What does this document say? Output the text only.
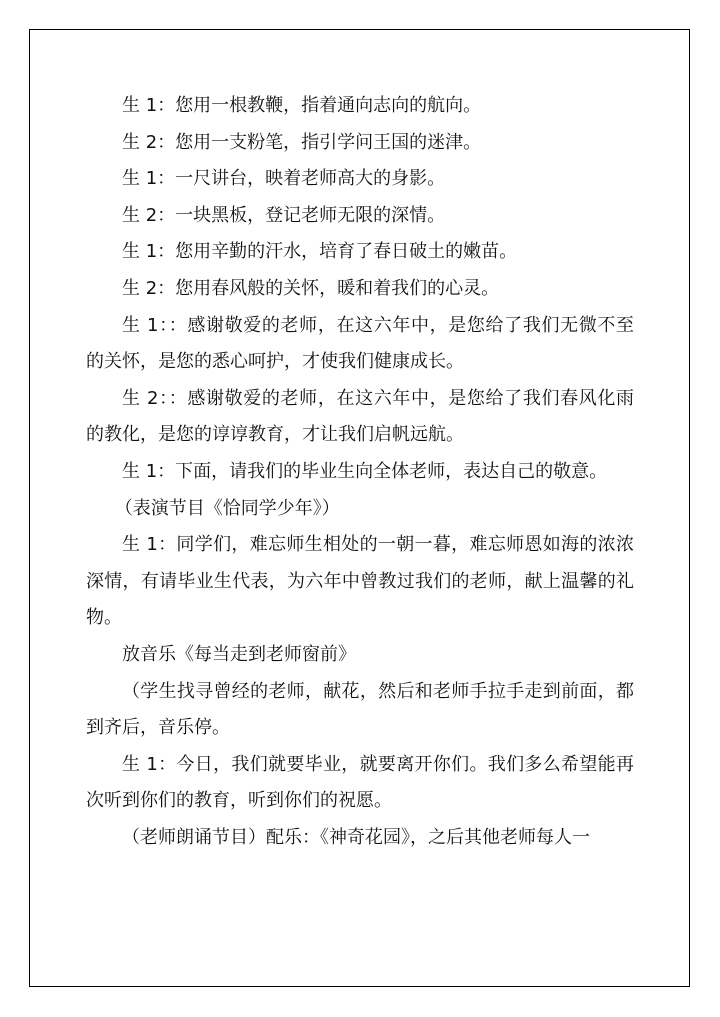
生 1：您用一根教鞭，指着通向志向的航向。

生 2：您用一支粉笔，指引学问王国的迷津。

生 1：一尺讲台，映着老师高大的身影。

生 2：一块黑板，登记老师无限的深情。

生 1：您用辛勤的汗水，培育了春日破土的嫩苗。

生 2：您用春风般的关怀，暖和着我们的心灵。

生 1：：感谢敬爱的老师，在这六年中，是您给了我们无微不至的关怀，是您的悉心呵护，才使我们健康成长。

生 2：：感谢敬爱的老师，在这六年中，是您给了我们春风化雨的教化，是您的谆谆教育，才让我们启帆远航。

生 1：下面，请我们的毕业生向全体老师，表达自己的敬意。

（表演节目《恰同学少年》）

生 1：同学们，难忘师生相处的一朝一暮，难忘师恩如海的浓浓深情，有请毕业生代表，为六年中曾教过我们的老师，献上温馨的礼物。

放音乐《每当走到老师窗前》

（学生找寻曾经的老师，献花，然后和老师手拉手走到前面，都到齐后，音乐停。

生 1：今日，我们就要毕业，就要离开你们。我们多么希望能再次听到你们的教育，听到你们的祝愿。

（老师朗诵节目）配乐：《神奇花园》，之后其他老师每人一
